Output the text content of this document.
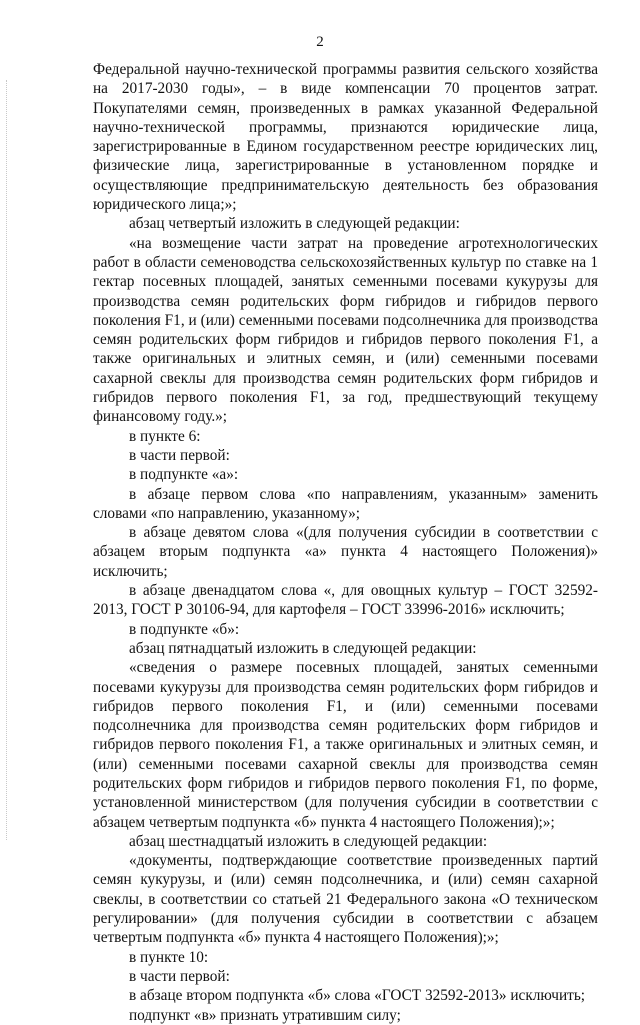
2

Федеральной научно-технической программы развития сельского хозяйства на 2017-2030 годы», – в виде компенсации 70 процентов затрат. Покупателями семян, произведенных в рамках указанной Федеральной научно-технической программы, признаются юридические лица, зарегистрированные в Едином государственном реестре юридических лиц, физические лица, зарегистрированные в установленном порядке и осуществляющие предпринимательскую деятельность без образования юридического лица;»;

абзац четвертый изложить в следующей редакции:

«на возмещение части затрат на проведение агротехнологических работ в области семеноводства сельскохозяйственных культур по ставке на 1 гектар посевных площадей, занятых семенными посевами кукурузы для производства семян родительских форм гибридов и гибридов первого поколения F1, и (или) семенными посевами подсолнечника для производства семян родительских форм гибридов и гибридов первого поколения F1, а также оригинальных и элитных семян, и (или) семенными посевами сахарной свеклы для производства семян родительских форм гибридов и гибридов первого поколения F1, за год, предшествующий текущему финансовому году.»;

в пункте 6:

в части первой:

в подпункте «а»:

в абзаце первом слова «по направлениям, указанным» заменить словами «по направлению, указанному»;

в абзаце девятом слова «(для получения субсидии в соответствии с абзацем вторым подпункта «а» пункта 4 настоящего Положения)» исключить;

в абзаце двенадцатом слова «, для овощных культур – ГОСТ 32592-2013, ГОСТ Р 30106-94, для картофеля – ГОСТ 33996-2016» исключить;

в подпункте «б»:

абзац пятнадцатый изложить в следующей редакции:

«сведения о размере посевных площадей, занятых семенными посевами кукурузы для производства семян родительских форм гибридов и гибридов первого поколения F1, и (или) семенными посевами подсолнечника для производства семян родительских форм гибридов и гибридов первого поколения F1, а также оригинальных и элитных семян, и (или) семенными посевами сахарной свеклы для производства семян родительских форм гибридов и гибридов первого поколения F1, по форме, установленной министерством (для получения субсидии в соответствии с абзацем четвертым подпункта «б» пункта 4 настоящего Положения);»;

абзац шестнадцатый изложить в следующей редакции:

«документы, подтверждающие соответствие произведенных партий семян кукурузы, и (или) семян подсолнечника, и (или) семян сахарной свеклы, в соответствии со статьей 21 Федерального закона «О техническом регулировании» (для получения субсидии в соответствии с абзацем четвертым подпункта «б» пункта 4 настоящего Положения);»;

в пункте 10:

в части первой:

в абзаце втором подпункта «б» слова «ГОСТ 32592-2013» исключить;

подпункт «в» признать утратившим силу;
